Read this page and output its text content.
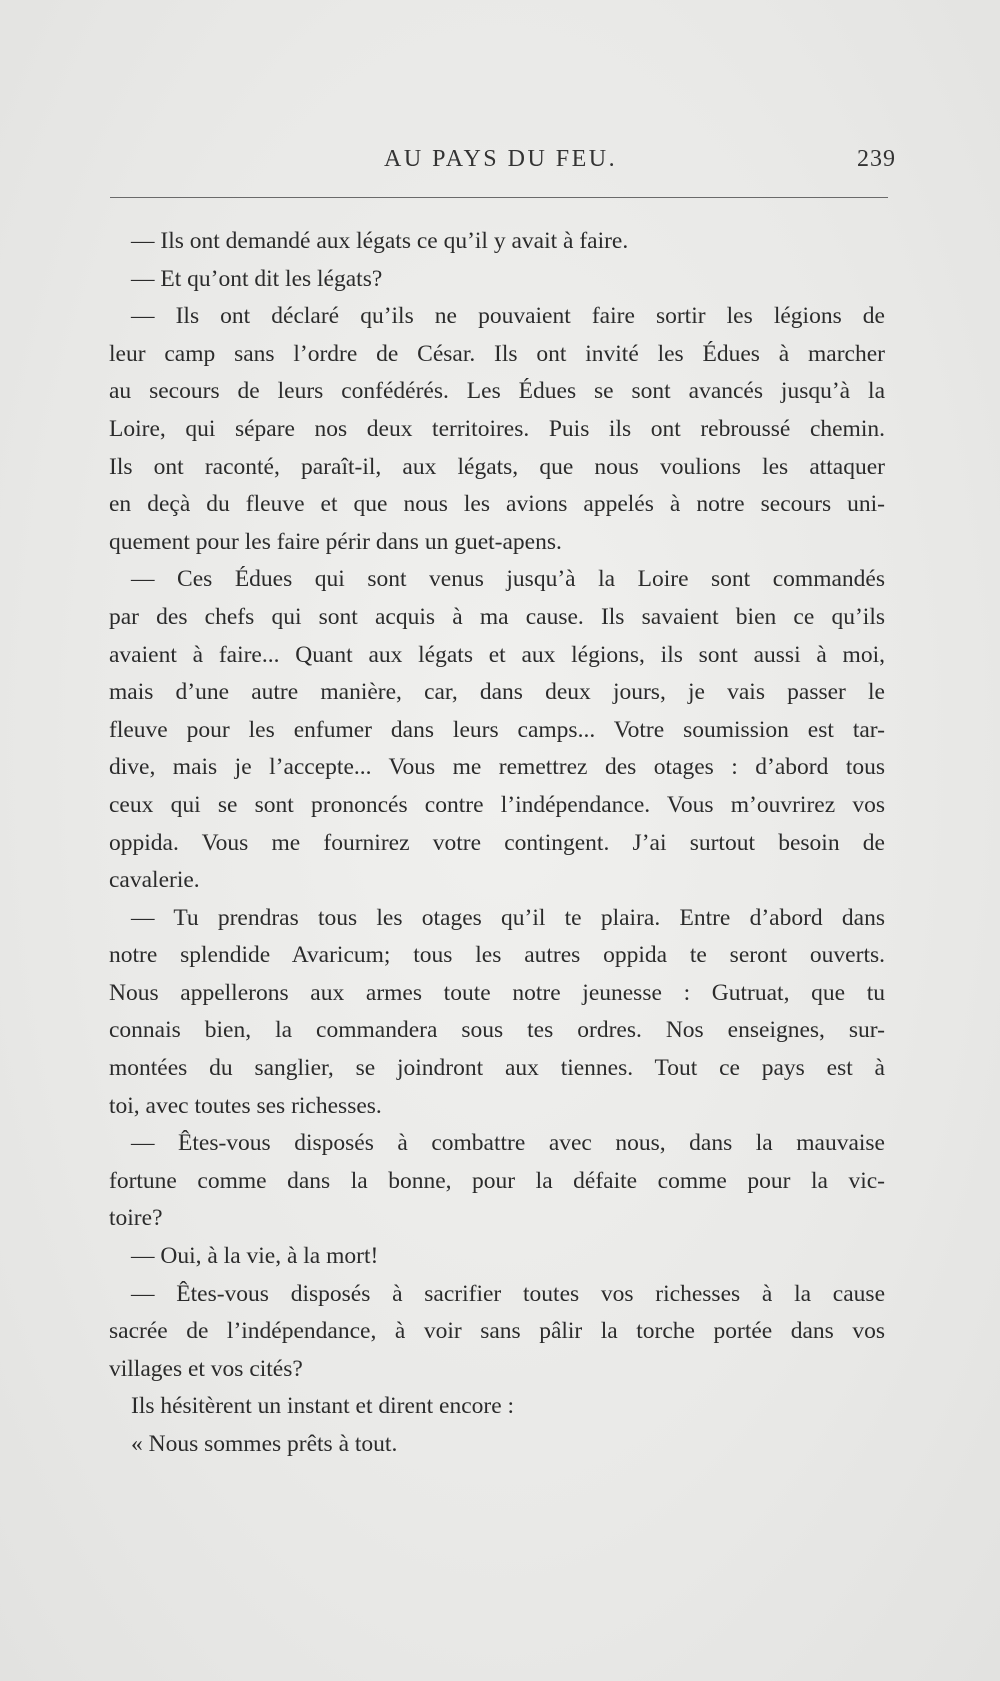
AU PAYS DU FEU.	239
— Ils ont demandé aux légats ce qu’il y avait à faire.
— Et qu’ont dit les légats?
— Ils ont déclaré qu’ils ne pouvaient faire sortir les légions de
leur camp sans l’ordre de César. Ils ont invité les Édues à marcher
au secours de leurs confédérés. Les Édues se sont avancés jusqu’à la
Loire, qui sépare nos deux territoires. Puis ils ont rebroussé chemin.
Ils ont raconté, paraît-il, aux légats, que nous voulions les attaquer
en deçà du fleuve et que nous les avions appelés à notre secours uni-
quement pour les faire périr dans un guet-apens.
— Ces Édues qui sont venus jusqu’à la Loire sont commandés
par des chefs qui sont acquis à ma cause. Ils savaient bien ce qu’ils
avaient à faire... Quant aux légats et aux légions, ils sont aussi à moi,
mais d’une autre manière, car, dans deux jours, je vais passer le
fleuve pour les enfumer dans leurs camps... Votre soumission est tar-
dive, mais je l’accepte... Vous me remettrez des otages : d’abord tous
ceux qui se sont prononcés contre l’indépendance. Vous m’ouvrirez vos
oppida. Vous me fournirez votre contingent. J’ai surtout besoin de
cavalerie.
— Tu prendras tous les otages qu’il te plaira. Entre d’abord dans
notre splendide Avaricum; tous les autres oppida te seront ouverts.
Nous appellerons aux armes toute notre jeunesse : Gutruat, que tu
connais bien, la commandera sous tes ordres. Nos enseignes, sur-
montées du sanglier, se joindront aux tiennes. Tout ce pays est à
toi, avec toutes ses richesses.
— Êtes-vous disposés à combattre avec nous, dans la mauvaise
fortune comme dans la bonne, pour la défaite comme pour la vic-
toire?
— Oui, à la vie, à la mort!
— Êtes-vous disposés à sacrifier toutes vos richesses à la cause
sacrée de l’indépendance, à voir sans pâlir la torche portée dans vos
villages et vos cités?
Ils hésitèrent un instant et dirent encore :
« Nous sommes prêts à tout.
